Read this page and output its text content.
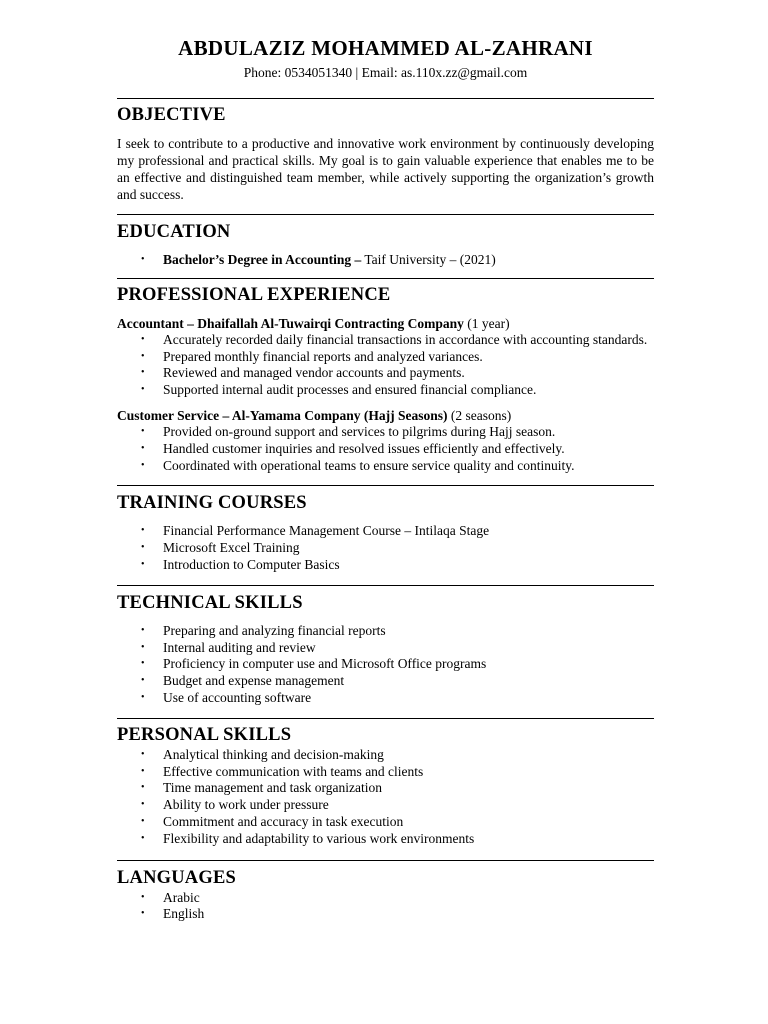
ABDULAZIZ MOHAMMED AL-ZAHRANI
Phone: 0534051340 | Email: as.110x.zz@gmail.com
OBJECTIVE

I seek to contribute to a productive and innovative work environment by continuously developing my professional and practical skills. My goal is to gain valuable experience that enables me to be an effective and distinguished team member, while actively supporting the organization’s growth and success.

EDUCATION
• Bachelor’s Degree in Accounting – Taif University – (2021)
PROFESSIONAL EXPERIENCE

Accountant – Dhaifallah Al-Tuwairqi Contracting Company (1 year)

• Accurately recorded daily financial transactions in accordance with accounting standards.
• Prepared monthly financial reports and analyzed variances.
• Reviewed and managed vendor accounts and payments.
• Supported internal audit processes and ensured financial compliance.

Customer Service – Al-Yamama Company (Hajj Seasons) (2 seasons)

• Provided on-ground support and services to pilgrims during Hajj season.
• Handled customer inquiries and resolved issues efficiently and effectively.
• Coordinated with operational teams to ensure service quality and continuity.
TRAINING COURSES
• Financial Performance Management Course – Intilaqa Stage
• Microsoft Excel Training
• Introduction to Computer Basics
TECHNICAL SKILLS
• Preparing and analyzing financial reports
• Internal auditing and review
• Proficiency in computer use and Microsoft Office programs
• Budget and expense management
• Use of accounting software
PERSONAL SKILLS
• Analytical thinking and decision-making
• Effective communication with teams and clients
• Time management and task organization
• Ability to work under pressure
• Commitment and accuracy in task execution
• Flexibility and adaptability to various work environments
LANGUAGES
• Arabic
• English
